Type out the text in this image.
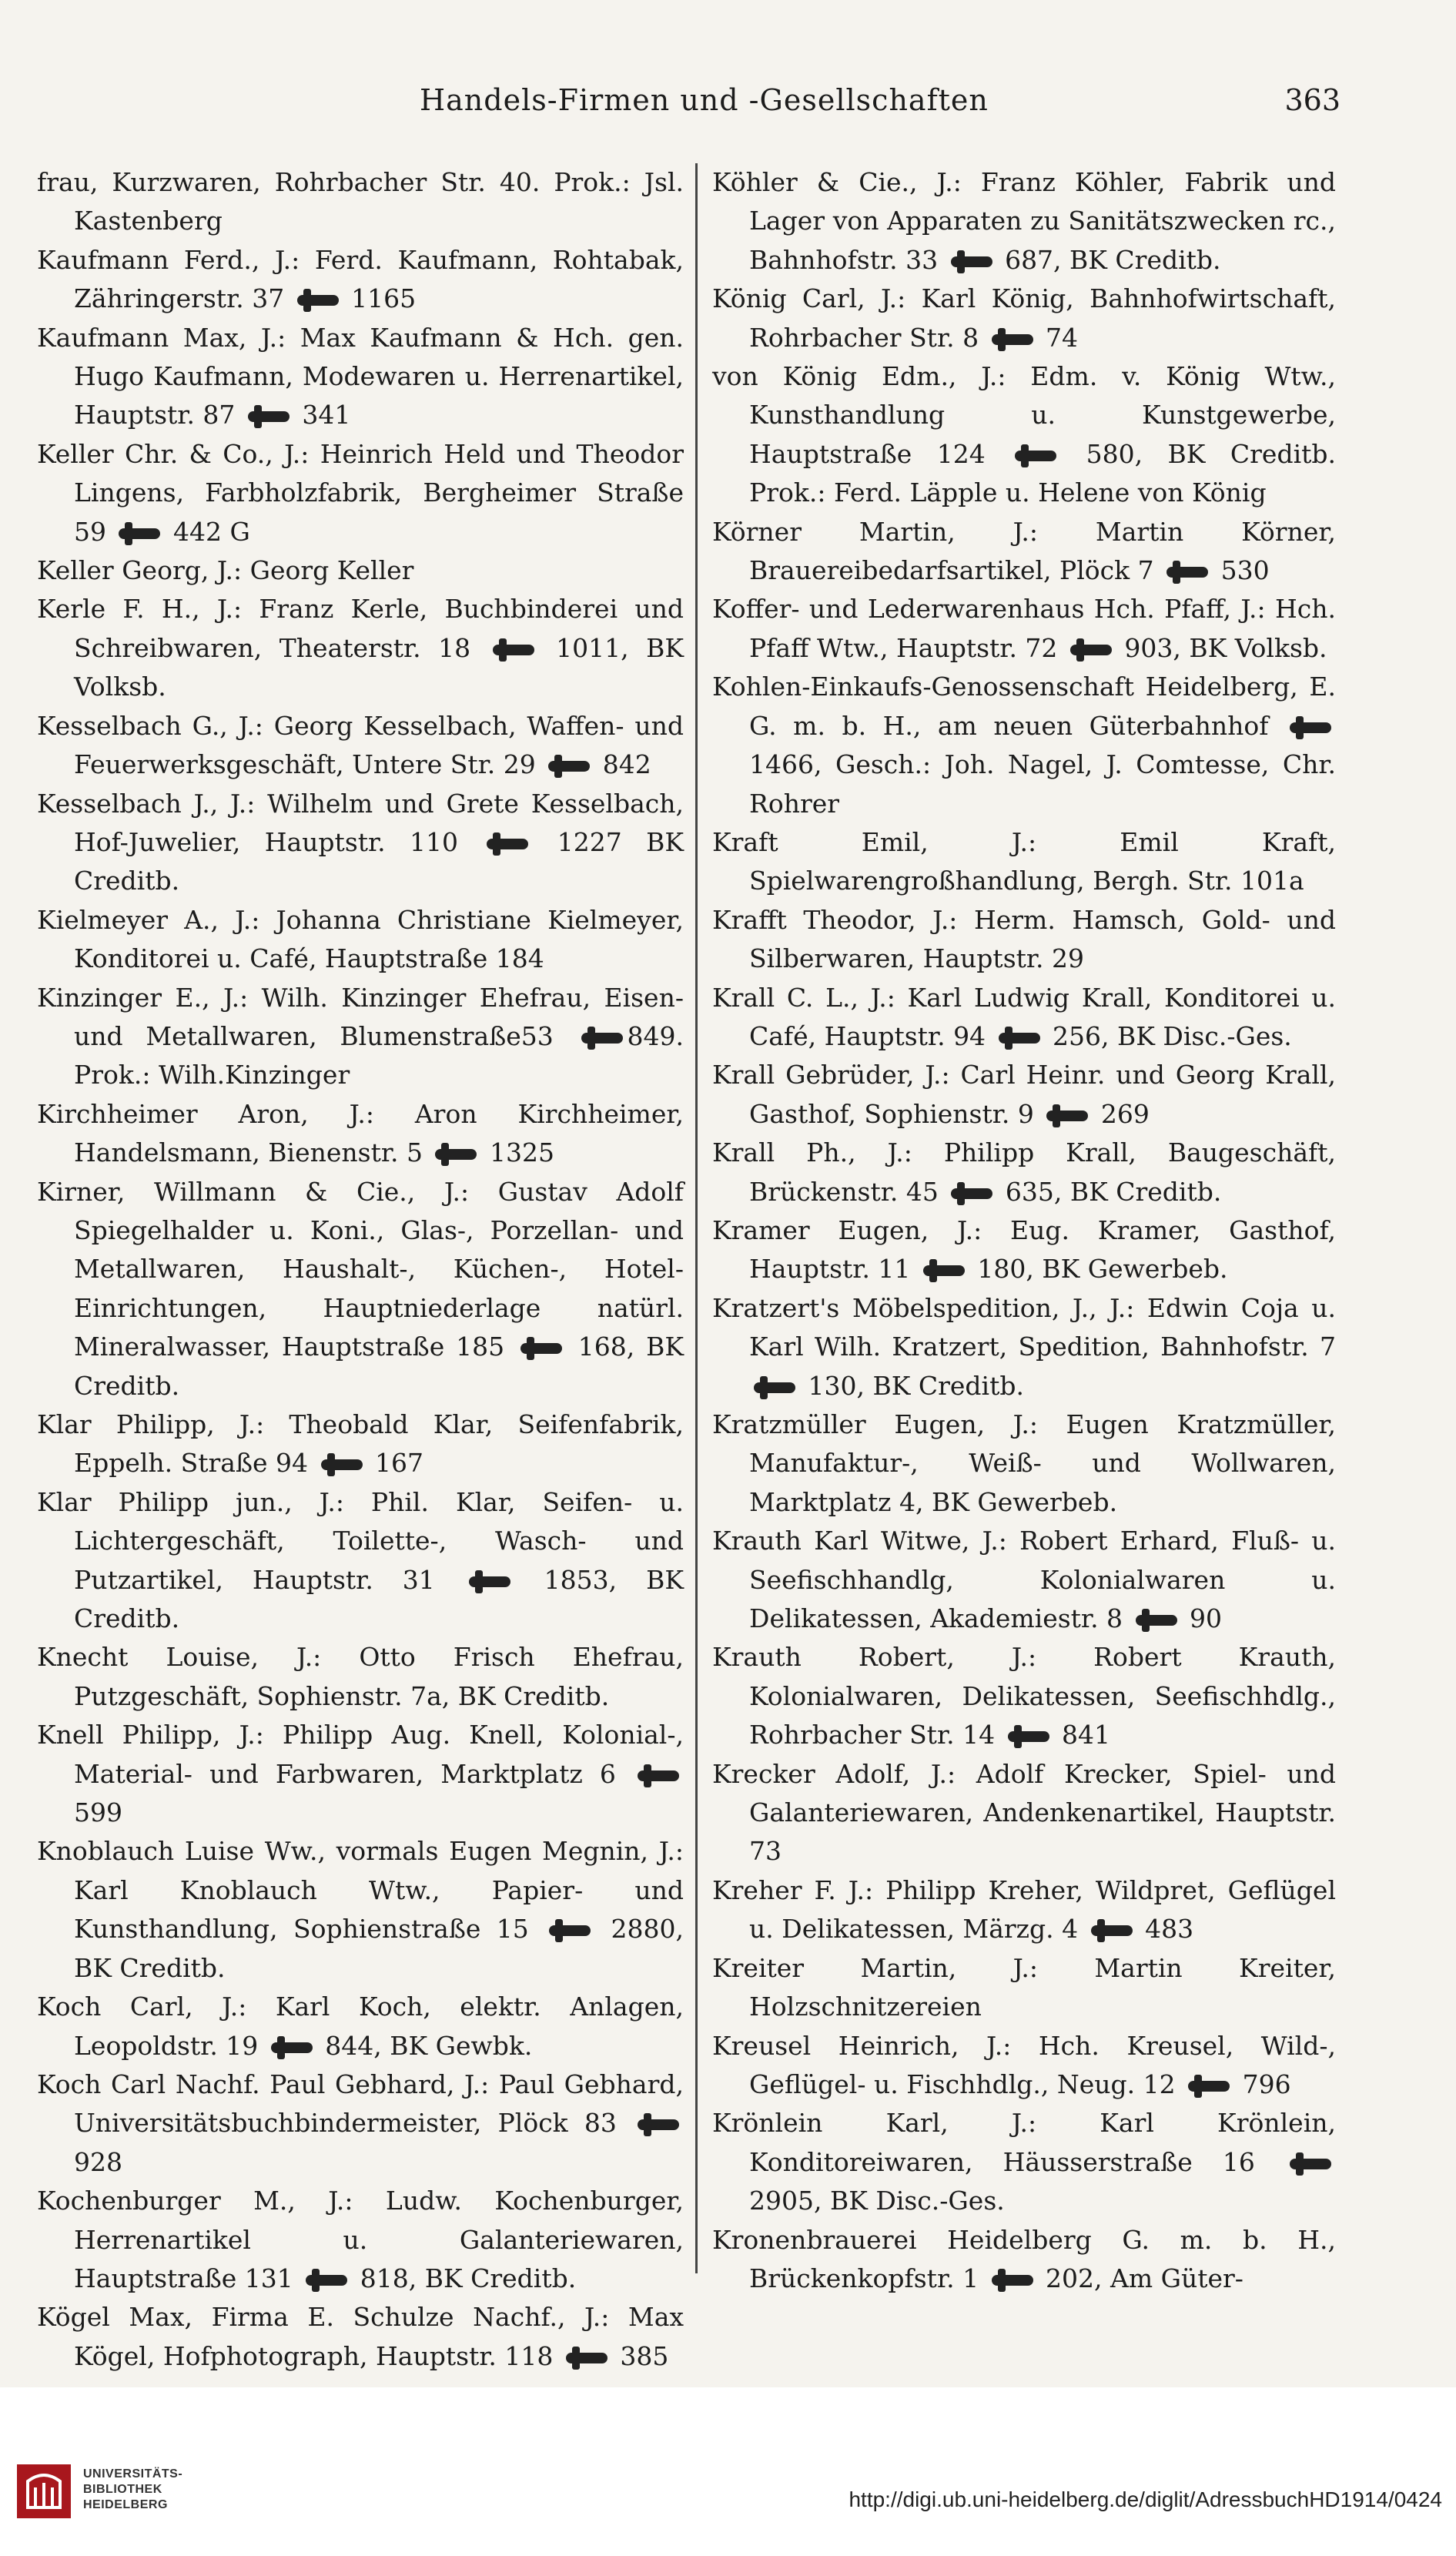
Handels-Firmen und -Gesellschaften	363
frau, Kurzwaren, Rohrbacher Str. 40. Prok.: Jsl. Kastenberg
Kaufmann Ferd., J.: Ferd. Kaufmann, Rohtabak, Zähringerstr. 37  1165
Kaufmann Max, J.: Max Kaufmann & Hch. gen. Hugo Kaufmann, Modewaren u. Herrenartikel, Hauptstr. 87  341
Keller Chr. & Co., J.: Heinrich Held und Theodor Lingens, Farbholzfabrik, Bergheimer Straße 59  442 G
Keller Georg, J.: Georg Keller
Kerle F. H., J.: Franz Kerle, Buchbinderei und Schreibwaren, Theaterstr. 18  1011, BK Volksb.
Kesselbach G., J.: Georg Kesselbach, Waffen- und Feuerwerksgeschäft, Untere Str. 29  842
Kesselbach J., J.: Wilhelm und Grete Kesselbach, Hof-Juwelier, Hauptstr. 110  1227 BK Creditb.
Kielmeyer A., J.: Johanna Christiane Kielmeyer, Konditorei u. Café, Hauptstraße 184
Kinzinger E., J.: Wilh. Kinzinger Ehefrau, Eisen- und Metallwaren, Blumenstraße53 849. Prok.: Wilh.Kinzinger
Kirchheimer Aron, J.: Aron Kirchheimer, Handelsmann, Bienenstr. 5  1325
Kirner, Willmann & Cie., J.: Gustav Adolf Spiegelhalder u. Koni., Glas-, Porzellan- und Metallwaren, Haushalt-, Küchen-, Hotel-Einrichtungen, Hauptniederlage natürl. Mineralwasser, Hauptstraße 185  168, BK Creditb.
Klar Philipp, J.: Theobald Klar, Seifenfabrik, Eppelh. Straße 94  167
Klar Philipp jun., J.: Phil. Klar, Seifen- u. Lichtergeschäft, Toilette-, Wasch- und Putzartikel, Hauptstr. 31  1853, BK Creditb.
Knecht Louise, J.: Otto Frisch Ehefrau, Putzgeschäft, Sophienstr. 7a, BK Creditb.
Knell Philipp, J.: Philipp Aug. Knell, Kolonial-, Material- und Farbwaren, Marktplatz 6  599
Knoblauch Luise Ww., vormals Eugen Megnin, J.: Karl Knoblauch Wtw., Papier- und Kunsthandlung, Sophienstraße 15  2880, BK Creditb.
Koch Carl, J.: Karl Koch, elektr. Anlagen, Leopoldstr. 19  844, BK Gewbk.
Koch Carl Nachf. Paul Gebhard, J.: Paul Gebhard, Universitätsbuchbindermeister, Plöck 83  928
Kochenburger M., J.: Ludw. Kochenburger, Herrenartikel u. Galanteriewaren, Hauptstraße 131  818, BK Creditb.
Kögel Max, Firma E. Schulze Nachf., J.: Max Kögel, Hofphotograph, Hauptstr. 118  385
Köhler & Cie., J.: Franz Köhler, Fabrik und Lager von Apparaten zu Sanitätszwecken rc., Bahnhofstr. 33  687, BK Creditb.
König Carl, J.: Karl König, Bahnhofwirtschaft, Rohrbacher Str. 8  74
von König Edm., J.: Edm. v. König Wtw., Kunsthandlung u. Kunstgewerbe, Hauptstraße 124  580, BK Creditb. Prok.: Ferd. Läpple u. Helene von König
Körner Martin, J.: Martin Körner, Brauereibedarfsartikel, Plöck 7  530
Koffer- und Lederwarenhaus Hch. Pfaff, J.: Hch. Pfaff Wtw., Hauptstr. 72  903, BK Volksb.
Kohlen-Einkaufs-Genossenschaft Heidelberg, E. G. m. b. H., am neuen Güterbahnhof  1466, Gesch.: Joh. Nagel, J. Comtesse, Chr. Rohrer
Kraft Emil, J.: Emil Kraft, Spielwarengroßhandlung, Bergh. Str. 101a
Krafft Theodor, J.: Herm. Hamsch, Gold- und Silberwaren, Hauptstr. 29
Krall C. L., J.: Karl Ludwig Krall, Konditorei u. Café, Hauptstr. 94  256, BK Disc.-Ges.
Krall Gebrüder, J.: Carl Heinr. und Georg Krall, Gasthof, Sophienstr. 9  269
Krall Ph., J.: Philipp Krall, Baugeschäft, Brückenstr. 45  635, BK Creditb.
Kramer Eugen, J.: Eug. Kramer, Gasthof, Hauptstr. 11  180, BK Gewerbeb.
Kratzert's Möbelspedition, J., J.: Edwin Coja u. Karl Wilh. Kratzert, Spedition, Bahnhofstr. 7  130, BK Creditb.
Kratzmüller Eugen, J.: Eugen Kratzmüller, Manufaktur-, Weiß- und Wollwaren, Marktplatz 4, BK Gewerbeb.
Krauth Karl Witwe, J.: Robert Erhard, Fluß- u. Seefischhandlg, Kolonialwaren u. Delikatessen, Akademiestr. 8  90
Krauth Robert, J.: Robert Krauth, Kolonialwaren, Delikatessen, Seefischhdlg., Rohrbacher Str. 14  841
Krecker Adolf, J.: Adolf Krecker, Spiel- und Galanteriewaren, Andenkenartikel, Hauptstr. 73
Kreher F. J.: Philipp Kreher, Wildpret, Geflügel u. Delikatessen, Märzg. 4  483
Kreiter Martin, J.: Martin Kreiter, Holzschnitzereien
Kreusel Heinrich, J.: Hch. Kreusel, Wild-, Geflügel- u. Fischhdlg., Neug. 12  796
Krönlein Karl, J.: Karl Krönlein, Konditoreiwaren, Häusserstraße 16  2905, BK Disc.-Ges.
Kronenbrauerei Heidelberg G. m. b. H., Brückenkopfstr. 1  202, Am Güter-
UNIVERSITÄTS-
BIBLIOTHEK
HEIDELBERG	http://digi.ub.uni-heidelberg.de/diglit/AdressbuchHD1914/0424
